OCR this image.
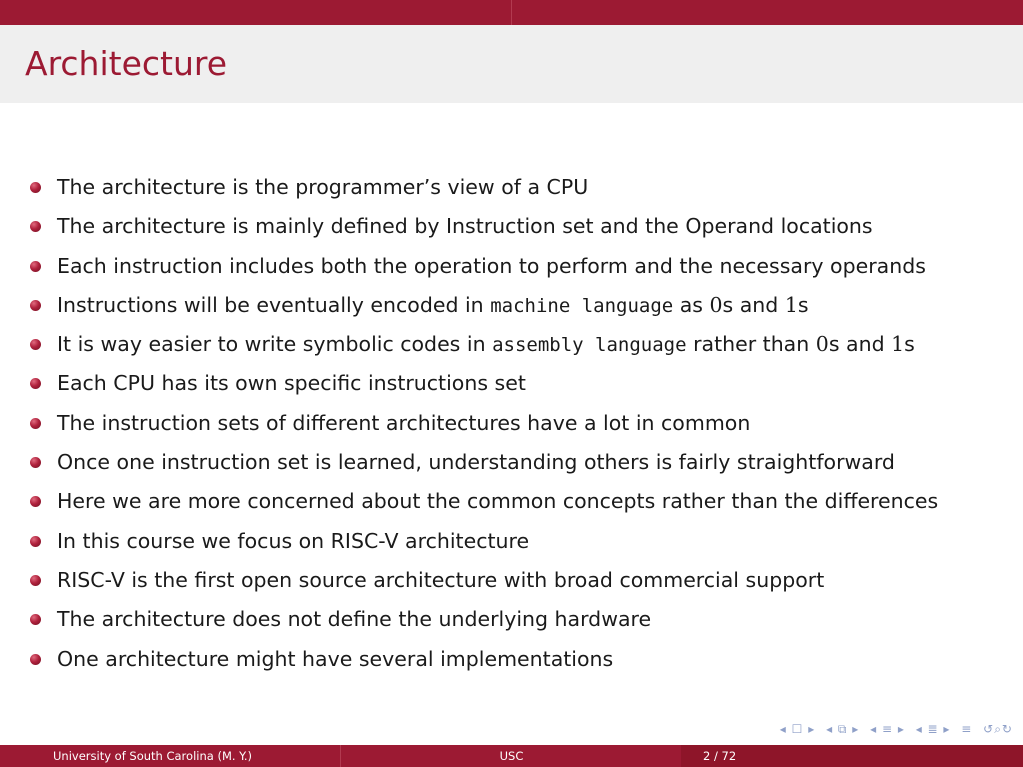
Architecture
The architecture is the programmer’s view of a CPU
The architecture is mainly defined by Instruction set and the Operand locations
Each instruction includes both the operation to perform and the necessary operands
Instructions will be eventually encoded in machine language as 0s and 1s
It is way easier to write symbolic codes in assembly language rather than 0s and 1s
Each CPU has its own specific instructions set
The instruction sets of different architectures have a lot in common
Once one instruction set is learned, understanding others is fairly straightforward
Here we are more concerned about the common concepts rather than the differences
In this course we focus on RISC-V architecture
RISC-V is the first open source architecture with broad commercial support
The architecture does not define the underlying hardware
One architecture might have several implementations
◂ ☐ ▸ ◂ ⧉ ▸ ◂ ≡ ▸ ◂ ≣ ▸ ≡ ↺⌕↻
University of South Carolina (M. Y.)	USC	2 / 72
